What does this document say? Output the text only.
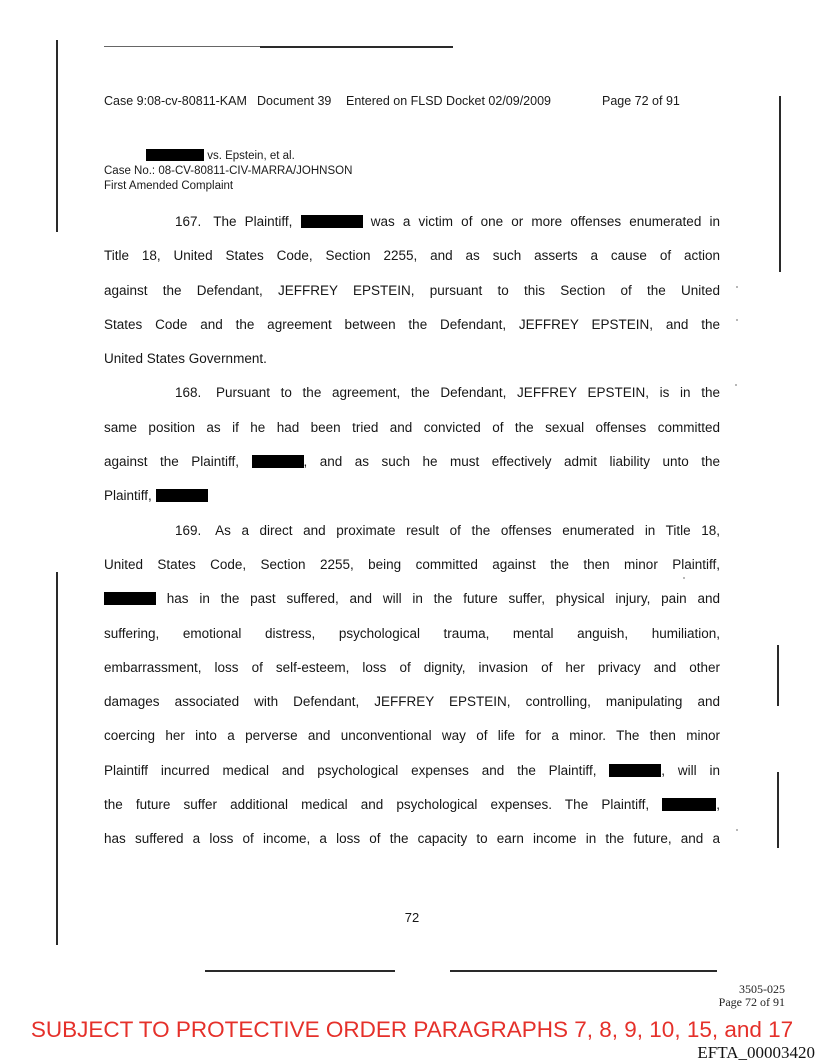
Case 9:08-cv-80811-KAM Document 39 Entered on FLSD Docket 02/09/2009	Page 72 of 91
vs. Epstein, et al.
Case No.: 08-CV-80811-CIV-MARRA/JOHNSON
First Amended Complaint
167. The Plaintiff,	was a victim of one or more offenses enumerated in
Title 18, United States Code, Section 2255, and as such asserts a cause of action
against the Defendant, JEFFREY EPSTEIN, pursuant to this Section of the United
States Code and the agreement between the Defendant, JEFFREY EPSTEIN, and the
United States Government.
168. Pursuant to the agreement, the Defendant, JEFFREY EPSTEIN, is in the
same position as if he had been tried and convicted of the sexual offenses committed
against the Plaintiff,	, and as such he must effectively admit liability unto the
Plaintiff,
169. As a direct and proximate result of the offenses enumerated in Title 18,
United States Code, Section 2255, being committed against the then minor Plaintiff,
has in the past suffered, and will in the future suffer, physical injury, pain and
suffering, emotional distress, psychological trauma, mental anguish, humiliation,
embarrassment, loss of self-esteem, loss of dignity, invasion of her privacy and other
damages associated with Defendant, JEFFREY EPSTEIN, controlling, manipulating and
coercing her into a perverse and unconventional way of life for a minor. The then minor
Plaintiff incurred medical and psychological expenses and the Plaintiff,	, will in
the future suffer additional medical and psychological expenses. The Plaintiff,	,
has suffered a loss of income, a loss of the capacity to earn income in the future, and a
72
3505-025
Page 72 of 91
SUBJECT TO PROTECTIVE ORDER PARAGRAPHS 7, 8, 9, 10, 15, and 17
EFTA_00003420
